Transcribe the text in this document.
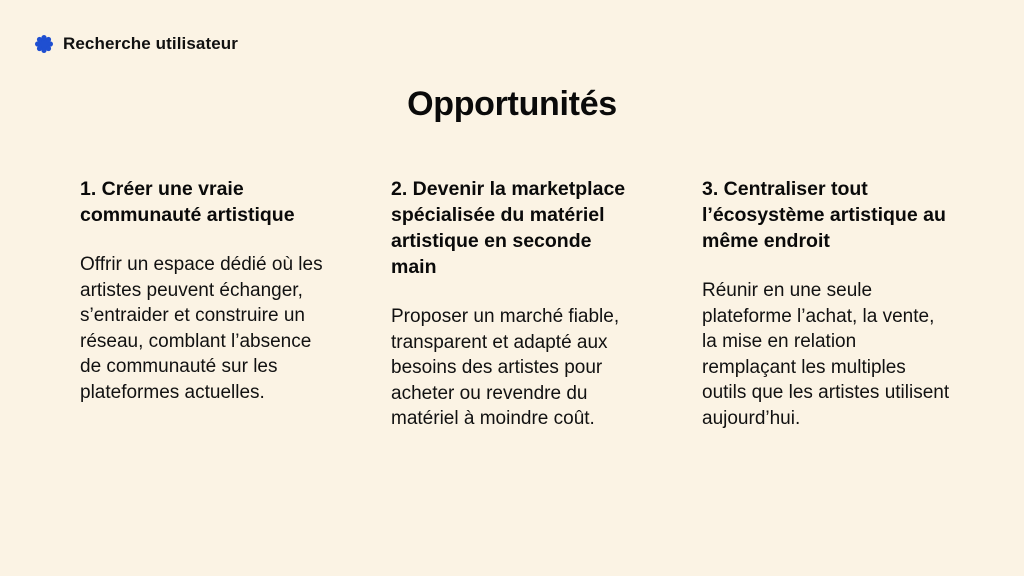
Recherche utilisateur
Opportunités
1. Créer une vraie communauté artistique

Offrir un espace dédié où les artistes peuvent échanger, s’entraider et construire un réseau, comblant l’absence de communauté sur les plateformes actuelles.

2. Devenir la marketplace spécialisée du matériel artistique en seconde main

Proposer un marché fiable, transparent et adapté aux besoins des artistes pour acheter ou revendre du matériel à moindre coût.

3. Centraliser tout l’écosystème artistique au même endroit

Réunir en une seule plateforme l’achat, la vente, la mise en relation remplaçant les multiples outils que les artistes utilisent aujourd’hui.
